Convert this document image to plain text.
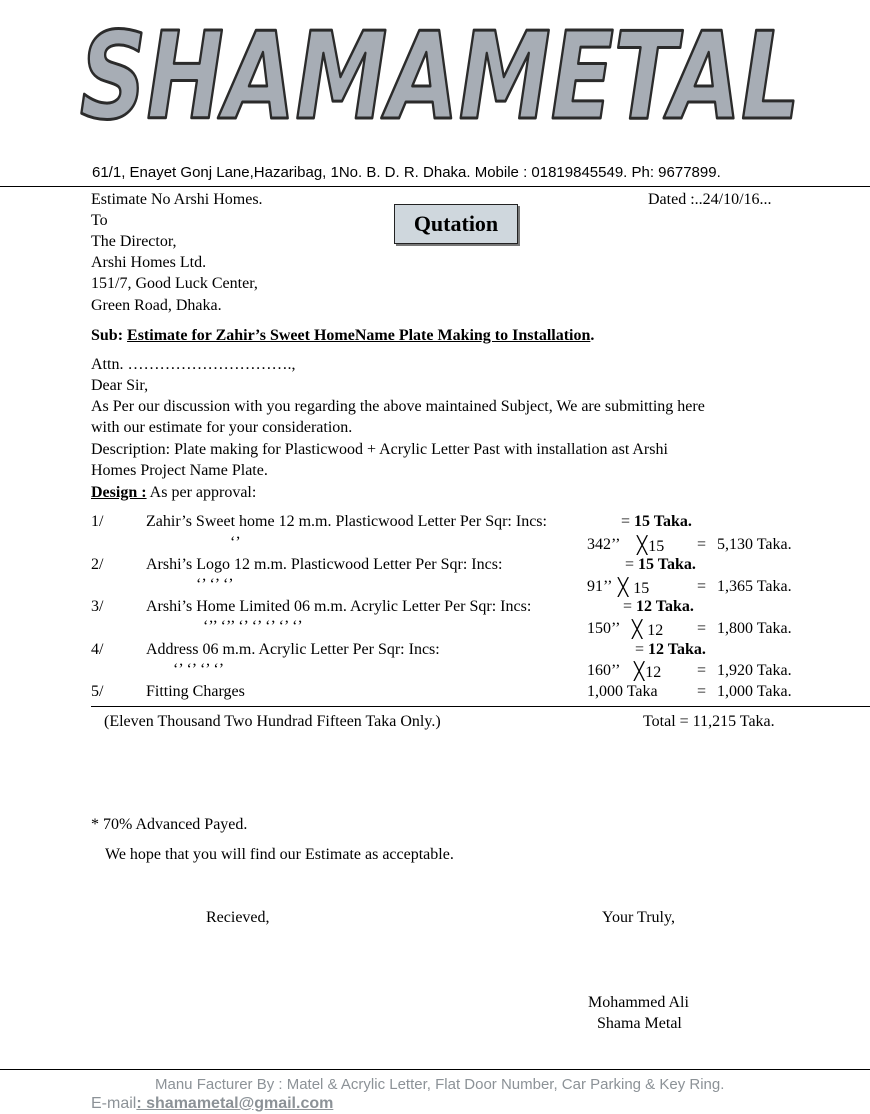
SHAMAMETAL
61/1, Enayet Gonj Lane,Hazaribag, 1No. B. D. R. Dhaka. Mobile : 01819845549. Ph: 9677899.
Estimate No Arshi Homes.	Dated :..24/10/16...
Qutation
To
The Director,
Arshi Homes Ltd.
151/7, Good Luck Center,
Green Road, Dhaka.
Sub: Estimate for Zahir’s Sweet HomeName Plate Making to Installation.
Attn. ………………………….,
Dear Sir,
As Per our discussion with you regarding the above maintained Subject, We are submitting here
with our estimate for your consideration.
Description: Plate making for Plasticwood + Acrylic Letter Past with installation ast Arshi
Homes Project Name Plate.
Design : As per approval:
1/	Zahir’s Sweet home 12 m.m. Plasticwood Letter Per Sqr: Incs:	= 15 Taka.
‘’	342’’ ╳15 = 5,130 Taka.
2/	Arshi’s Logo 12 m.m. Plasticwood Letter Per Sqr: Incs:	= 15 Taka.
‘’ ‘’ ‘’	91’’ ╳ 15	= 1,365 Taka.
3/	Arshi’s Home Limited 06 m.m. Acrylic Letter Per Sqr: Incs:	= 12 Taka.
‘’’ ‘’’ ‘’ ‘’ ‘’ ‘’ ‘’	150’’ ╳ 12 = 1,800 Taka.
4/	Address 06 m.m. Acrylic Letter Per Sqr: Incs:	= 12 Taka.
‘’ ‘’ ‘’ ‘’	160’’ ╳12 = 1,920 Taka.
5/	Fitting Charges	1,000 Taka = 1,000 Taka.
(Eleven Thousand Two Hundrad Fifteen Taka Only.)	Total = 11,215 Taka.
* 70% Advanced Payed.
We hope that you will find our Estimate as acceptable.
Recieved,	Your Truly,
Mohammed Ali
Shama Metal
Manu Facturer By : Matel & Acrylic Letter, Flat Door Number, Car Parking & Key Ring.
E-mail: shamametal@gmail.com
